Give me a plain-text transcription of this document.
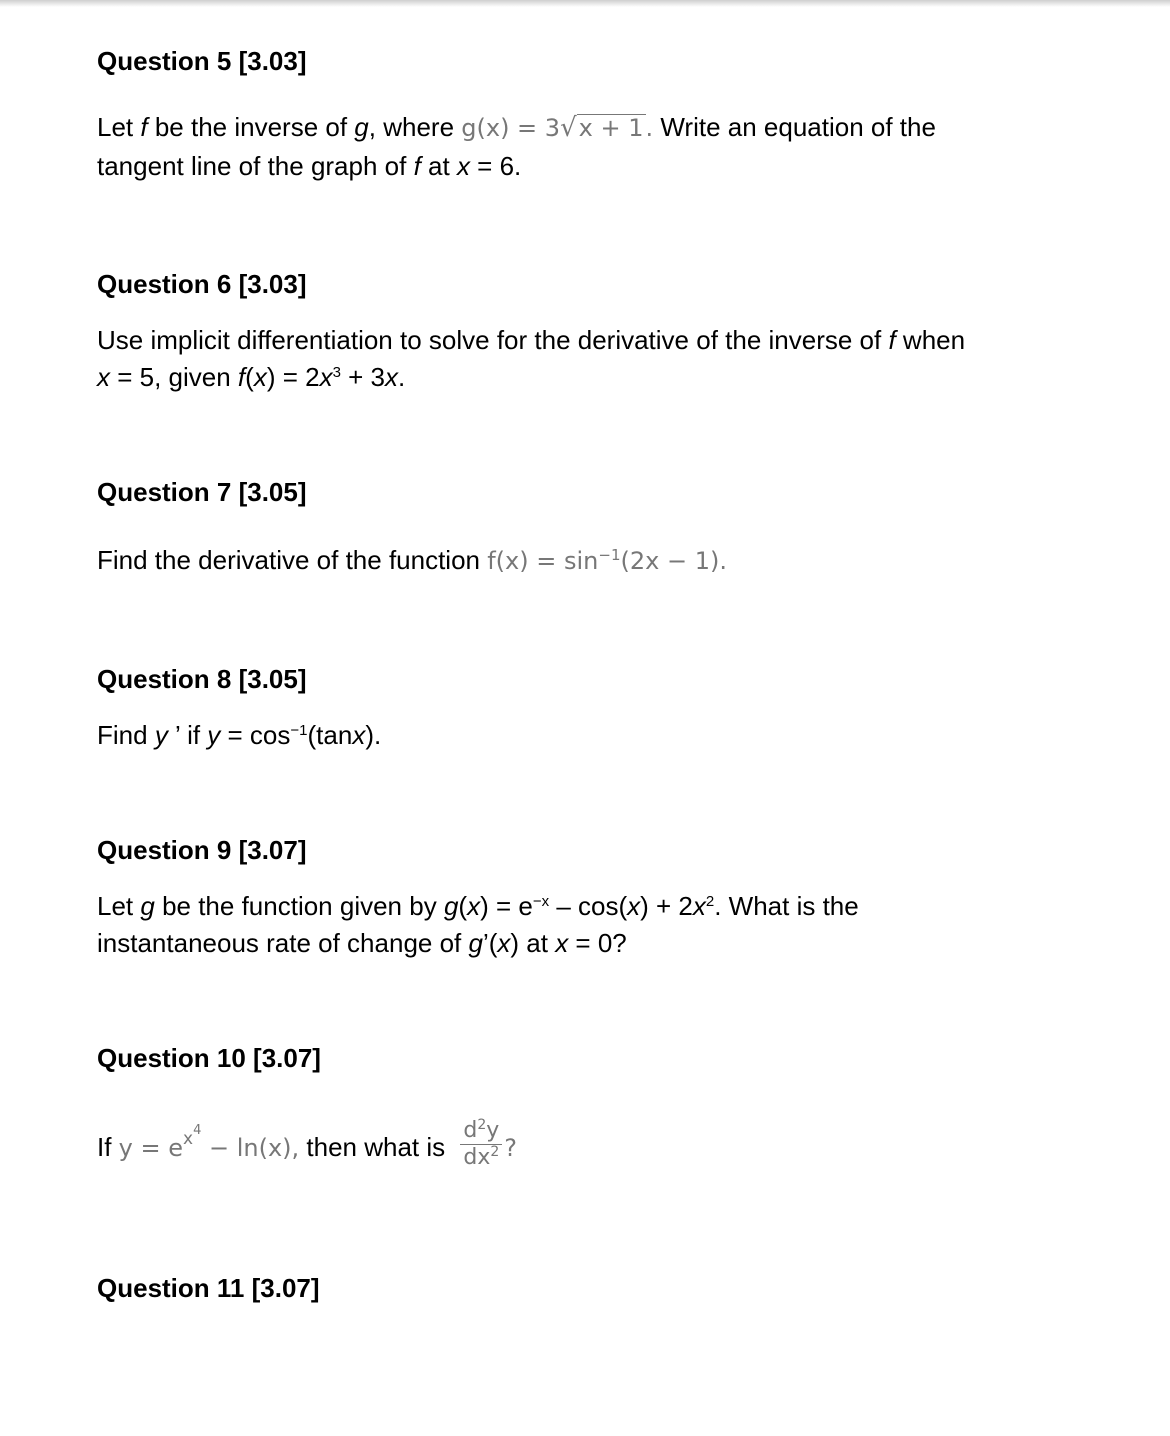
Question 5 [3.03]
Let f be the inverse of g, where g(x) = 3√x + 1. Write an equation of the
tangent line of the graph of f at x = 6.
Question 6 [3.03]
Use implicit differentiation to solve for the derivative of the inverse of f when
x = 5, given $f(x) = 2x^3 + 3x$.
Question 7 [3.05]
Find the derivative of the function $f(x) = \sin^{-1}(2x - 1)$.
Question 8 [3.05]
Find y ’ if $y = \cos^{-1}(\tan x)$.
Question 9 [3.07]
Let g be the function given by $g(x) = e^{-x} - \cos(x) + 2x^2$. What is the
instantaneous rate of change of g’(x) at x = 0?
Question 10 [3.07]
If $y = e^{x^4} - \ln(x)$, then what is $\frac{d^2y}{dx^2}$ ?
Question 11 [3.07]
